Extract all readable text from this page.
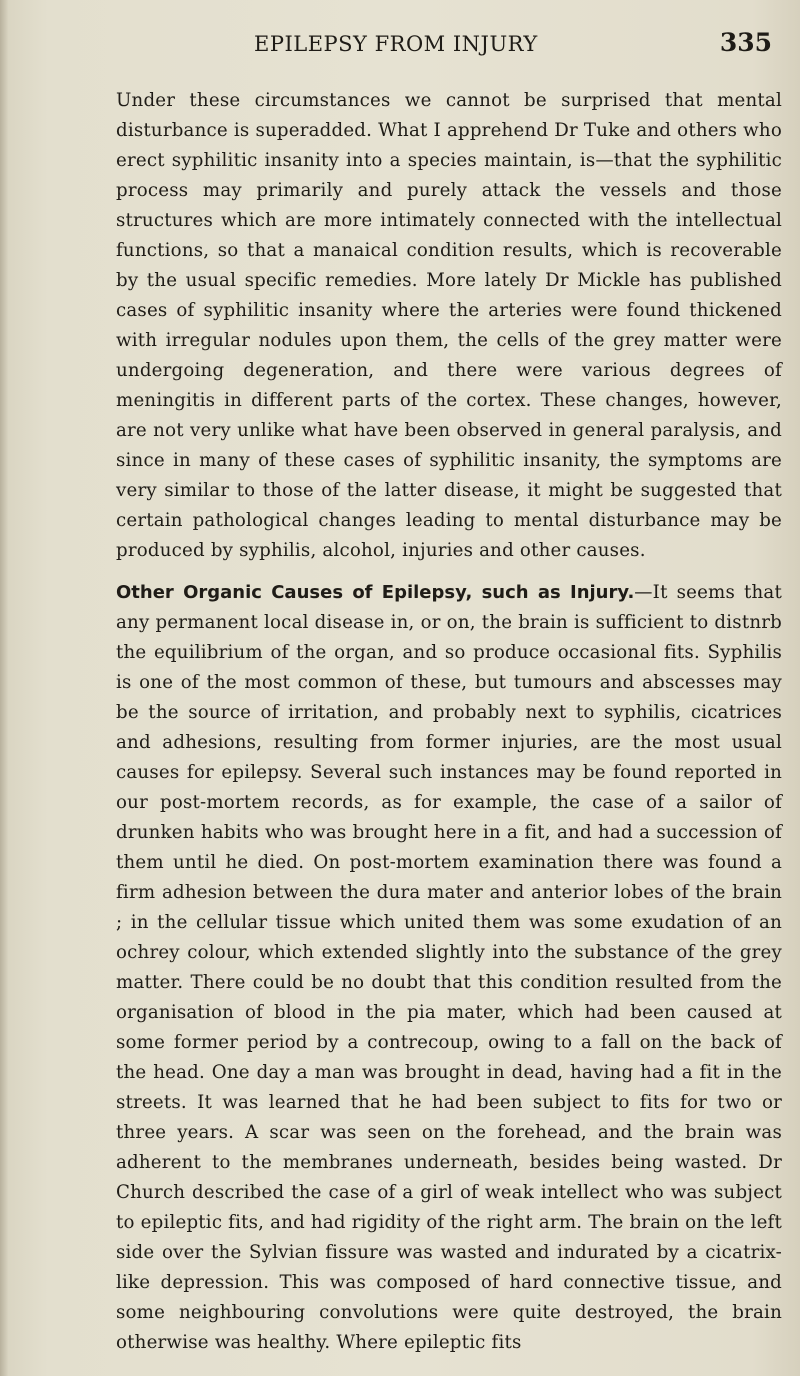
EPILEPSY FROM INJURY	335

Under these circumstances we cannot be surprised that mental disturbance is superadded. What I apprehend Dr Tuke and others who erect syphilitic insanity into a species maintain, is—that the syphilitic process may primarily and purely attack the vessels and those structures which are more intimately connected with the intellectual functions, so that a manaical condition results, which is recoverable by the usual specific remedies. More lately Dr Mickle has published cases of syphilitic insanity where the arteries were found thickened with irregular nodules upon them, the cells of the grey matter were undergoing degeneration, and there were various degrees of meningitis in different parts of the cortex. These changes, however, are not very unlike what have been observed in general paralysis, and since in many of these cases of syphilitic insanity, the symptoms are very similar to those of the latter disease, it might be suggested that certain pathological changes leading to mental disturbance may be produced by syphilis, alcohol, injuries and other causes.

Other Organic Causes of Epilepsy, such as Injury.—It seems that any permanent local disease in, or on, the brain is sufficient to distnrb the equilibrium of the organ, and so produce occasional fits. Syphilis is one of the most common of these, but tumours and abscesses may be the source of irritation, and probably next to syphilis, cicatrices and adhesions, resulting from former injuries, are the most usual causes for epilepsy. Several such instances may be found reported in our post-mortem records, as for example, the case of a sailor of drunken habits who was brought here in a fit, and had a succession of them until he died. On post-mortem examination there was found a firm adhesion between the dura mater and anterior lobes of the brain ; in the cellular tissue which united them was some exudation of an ochrey colour, which extended slightly into the substance of the grey matter. There could be no doubt that this condition resulted from the organisation of blood in the pia mater, which had been caused at some former period by a contrecoup, owing to a fall on the back of the head. One day a man was brought in dead, having had a fit in the streets. It was learned that he had been subject to fits for two or three years. A scar was seen on the forehead, and the brain was adherent to the membranes underneath, besides being wasted. Dr Church described the case of a girl of weak intellect who was subject to epileptic fits, and had rigidity of the right arm. The brain on the left side over the Sylvian fissure was wasted and indurated by a cicatrix-like depression. This was composed of hard connective tissue, and some neighbouring convolutions were quite destroyed, the brain otherwise was healthy. Where epileptic fits
